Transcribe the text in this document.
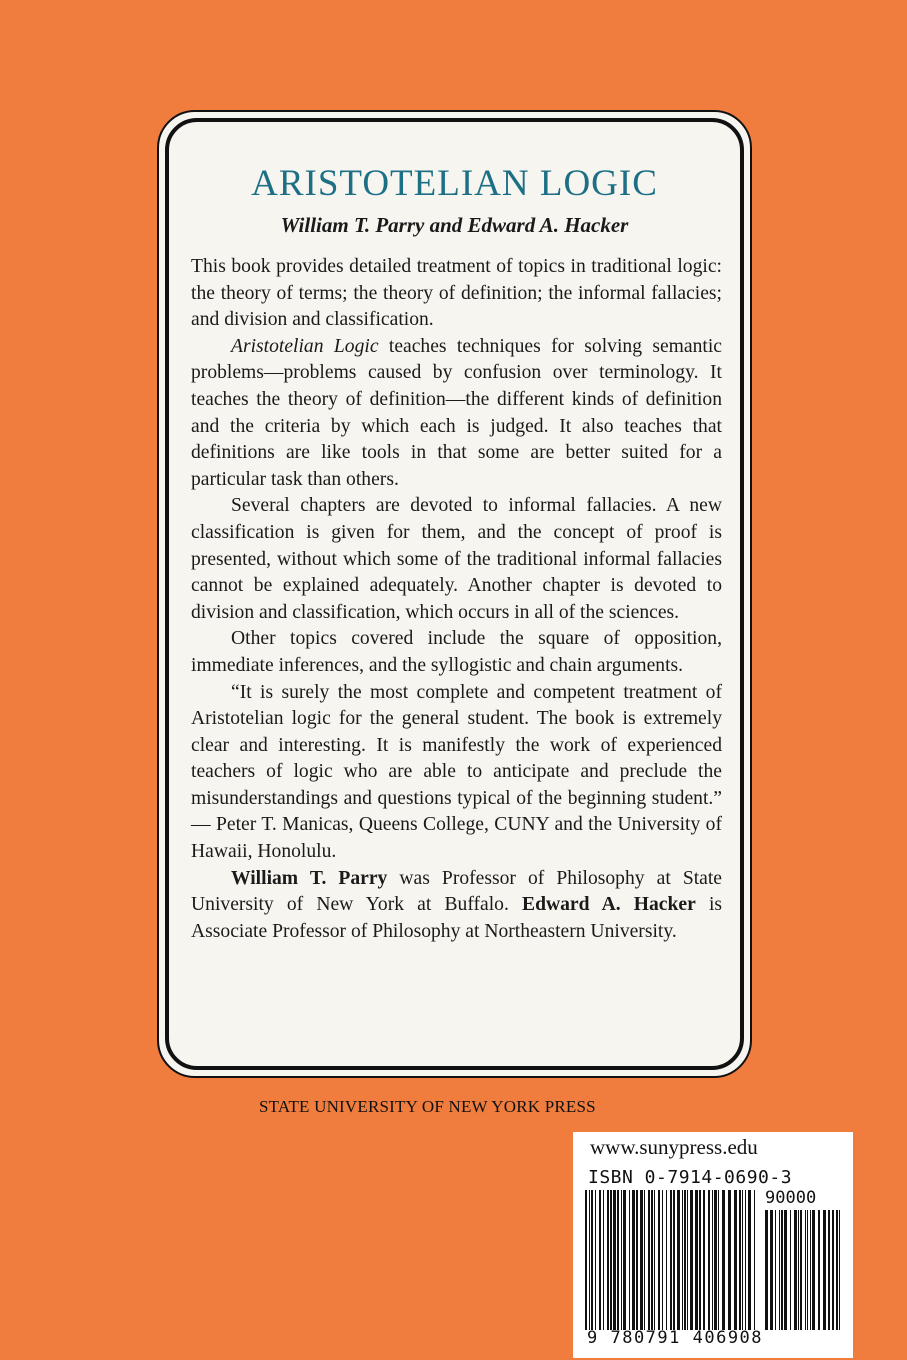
ARISTOTELIAN LOGIC
William T. Parry and Edward A. Hacker

This book provides detailed treatment of topics in traditional logic: the theory of terms; the theory of definition; the informal fallacies; and division and classification.

Aristotelian Logic teaches techniques for solving semantic problems—problems caused by confusion over terminology. It teaches the theory of definition—the different kinds of definition and the criteria by which each is judged. It also teaches that definitions are like tools in that some are better suited for a particular task than others.

Several chapters are devoted to informal fallacies. A new classification is given for them, and the concept of proof is presented, without which some of the traditional informal fallacies cannot be explained adequately. Another chapter is devoted to division and classification, which occurs in all of the sciences.

Other topics covered include the square of opposition, immediate inferences, and the syllogistic and chain arguments.

“It is surely the most complete and competent treatment of Aristotelian logic for the general student. The book is extremely clear and interesting. It is manifestly the work of experienced teachers of logic who are able to anticipate and preclude the misunderstandings and questions typical of the beginning student.” — Peter T. Manicas, Queens College, CUNY and the University of Hawaii, Honolulu.

William T. Parry was Professor of Philosophy at State University of New York at Buffalo. Edward A. Hacker is Associate Professor of Philosophy at Northeastern University.

STATE UNIVERSITY OF NEW YORK PRESS
www.sunypress.edu
ISBN 0-7914-0690-3
90000
9 780791 406908
